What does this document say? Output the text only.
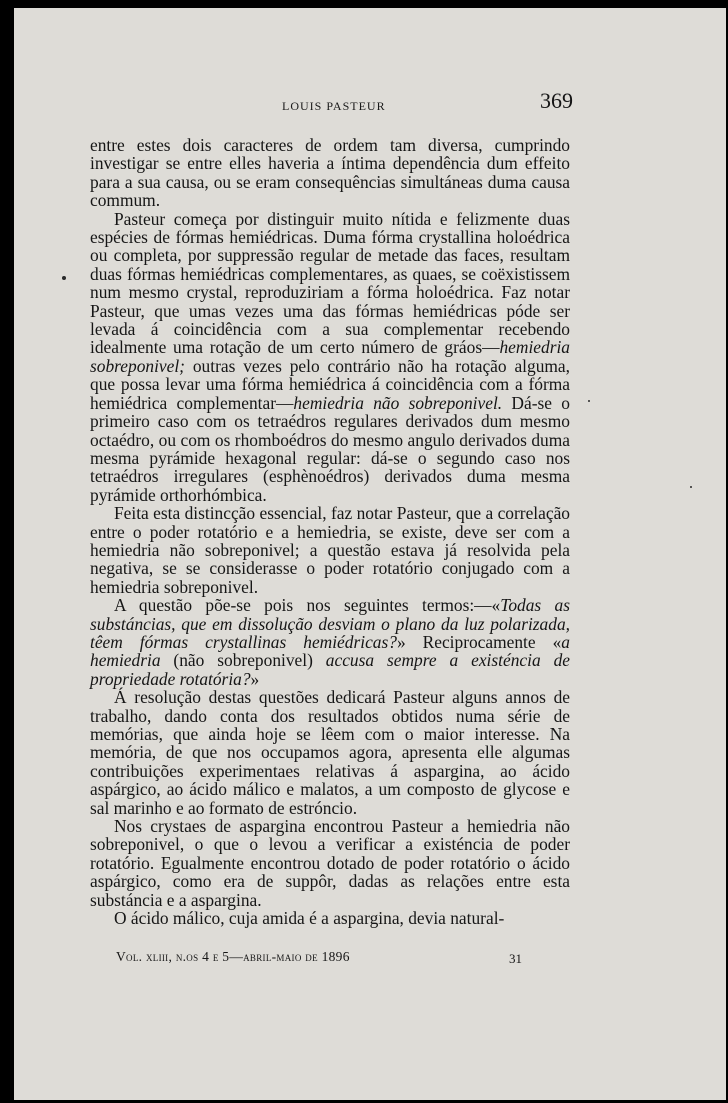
LOUIS PASTEUR	369

entre estes dois caracteres de ordem tam diversa, cumprindo investigar se entre elles haveria a íntima dependência dum effeito para a sua causa, ou se eram consequências simultáneas duma causa commum.

Pasteur começa por distinguir muito nítida e felizmente duas espécies de fórmas hemiédricas. Duma fórma crystallina holoédrica ou completa, por suppressão regular de metade das faces, resultam duas fórmas hemiédricas complementares, as quaes, se coëxistissem num mesmo crystal, reproduziriam a fórma holoédrica. Faz notar Pasteur, que umas vezes uma das fórmas hemiédricas póde ser levada á coincidência com a sua complementar recebendo idealmente uma rotação de um certo número de gráos—hemiedria sobreponivel; outras vezes pelo contrário não ha rotação alguma, que possa levar uma fórma hemiédrica á coincidência com a fórma hemiédrica complementar—hemiedria não sobreponivel. Dá-se o primeiro caso com os tetraédros regulares derivados dum mesmo octaédro, ou com os rhomboédros do mesmo angulo derivados duma mesma pyrámide hexagonal regular: dá-se o segundo caso nos tetraédros irregulares (esphènoédros) derivados duma mesma pyrámide orthorhómbica.

Feita esta distincção essencial, faz notar Pasteur, que a correlação entre o poder rotatório e a hemiedria, se existe, deve ser com a hemiedria não sobreponivel; a questão estava já resolvida pela negativa, se se considerasse o poder rotatório conjugado com a hemiedria sobreponivel.

A questão põe-se pois nos seguintes termos:—«Todas as substáncias, que em dissolução desviam o plano da luz polarizada, têem fórmas crystallinas hemiédricas?» Reciprocamente «a hemiedria (não sobreponivel) accusa sempre a existéncia de propriedade rotatória?»

Á resolução destas questões dedicará Pasteur alguns annos de trabalho, dando conta dos resultados obtidos numa série de memórias, que ainda hoje se lêem com o maior interesse. Na memória, de que nos occupamos agora, apresenta elle algumas contribuições experimentaes relativas á aspargina, ao ácido aspárgico, ao ácido málico e malatos, a um composto de glycose e sal marinho e ao formato de estróncio.

Nos crystaes de aspargina encontrou Pasteur a hemiedria não sobreponivel, o que o levou a verificar a existéncia de poder rotatório. Egualmente encontrou dotado de poder rotatório o ácido aspárgico, como era de suppôr, dadas as relações entre esta substáncia e a aspargina.

O ácido málico, cuja amida é a aspargina, devia natural-

Vol. xliii, n.os 4 e 5—abril-maio de 1896	31
